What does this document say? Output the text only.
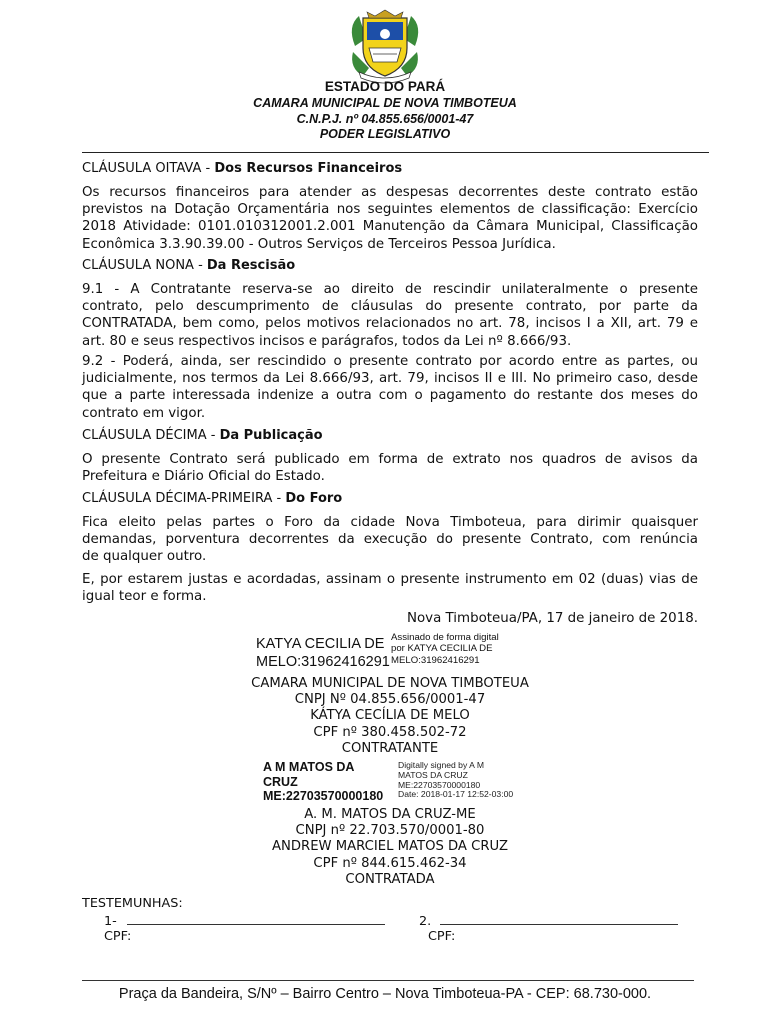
ESTADO DO PARÁ
CAMARA MUNICIPAL DE NOVA TIMBOTEUA
C.N.P.J. nº 04.855.656/0001-47
PODER LEGISLATIVO
CLÁUSULA OITAVA - Dos Recursos Financeiros
Os recursos financeiros para atender as despesas decorrentes deste contrato estão
previstos na Dotação Orçamentária nos seguintes elementos de classificação: Exercício
2018 Atividade: 0101.010312001.2.001 Manutenção da Câmara Municipal, Classificação
Econômica 3.3.90.39.00 - Outros Serviços de Terceiros Pessoa Jurídica.
CLÁUSULA NONA - Da Rescisão
9.1 - A Contratante reserva-se ao direito de rescindir unilateralmente o presente
contrato, pelo descumprimento de cláusulas do presente contrato, por parte da
CONTRATADA, bem como, pelos motivos relacionados no art. 78, incisos I a XII, art. 79 e
art. 80 e seus respectivos incisos e parágrafos, todos da Lei nº 8.666/93.
9.2 - Poderá, ainda, ser rescindido o presente contrato por acordo entre as partes, ou
judicialmente, nos termos da Lei 8.666/93, art. 79, incisos II e III. No primeiro caso, desde
que a parte interessada indenize a outra com o pagamento do restante dos meses do
contrato em vigor.
CLÁUSULA DÉCIMA - Da Publicação
O presente Contrato será publicado em forma de extrato nos quadros de avisos da
Prefeitura e Diário Oficial do Estado.
CLÁUSULA DÉCIMA-PRIMEIRA - Do Foro
Fica eleito pelas partes o Foro da cidade Nova Timboteua, para dirimir quaisquer
demandas, porventura decorrentes da execução do presente Contrato, com renúncia
de qualquer outro.
E, por estarem justas e acordadas, assinam o presente instrumento em 02 (duas) vias de
igual teor e forma.
Nova Timboteua/PA, 17 de janeiro de 2018.
KATYA CECILIA DE
MELO:31962416291
Assinado de forma digital
por KATYA CECILIA DE
MELO:31962416291
CAMARA MUNICIPAL DE NOVA TIMBOTEUA
CNPJ Nº 04.855.656/0001-47
KÁTYA CECÍLIA DE MELO
CPF nº 380.458.502-72
CONTRATANTE
A M MATOS DA
CRUZ
ME:22703570000180
Digitally signed by A M
MATOS DA CRUZ
ME:22703570000180
Date: 2018-01-17 12:52-03:00
A. M. MATOS DA CRUZ-ME
CNPJ nº 22.703.570/0001-80
ANDREW MARCIEL MATOS DA CRUZ
CPF nº 844.615.462-34
CONTRATADA
TESTEMUNHAS:
1-	2.
CPF:	CPF:
Praça da Bandeira, S/Nº – Bairro Centro – Nova Timboteua-PA - CEP: 68.730-000.
